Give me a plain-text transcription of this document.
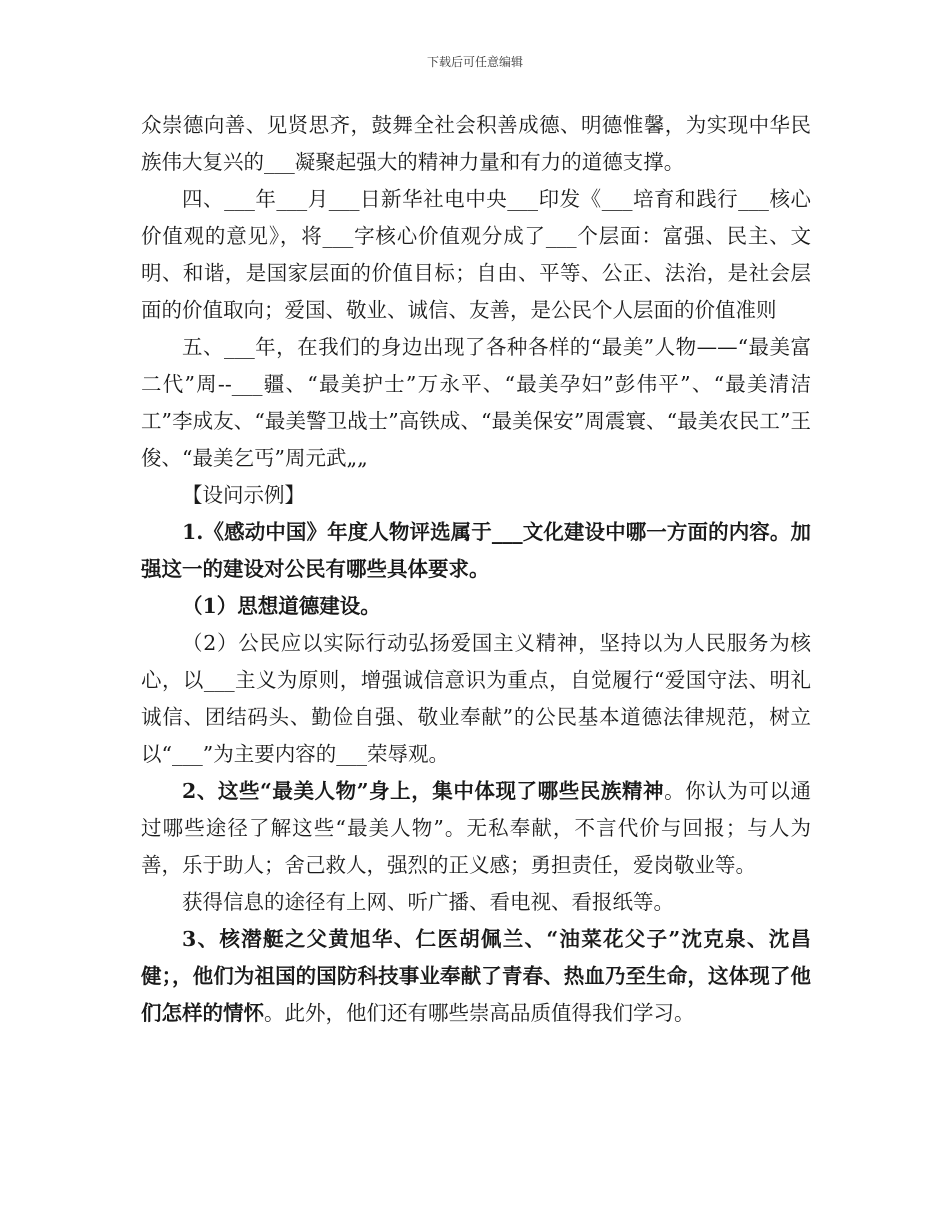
下载后可任意编辑

众崇德向善、见贤思齐，鼓舞全社会积善成德、明德惟馨，为实现中华民族伟大复兴的___凝聚起强大的精神力量和有力的道德支撑。

四、___年___月___日新华社电中央___印发《___培育和践行___核心价值观的意见》，将___字核心价值观分成了___个层面：富强、民主、文明、和谐，是国家层面的价值目标；自由、平等、公正、法治，是社会层面的价值取向；爱国、敬业、诚信、友善，是公民个人层面的价值准则

五、___年，在我们的身边出现了各种各样的“最美”人物——“最美富二代”周--___疆、“最美护士”万永平、“最美孕妇”彭伟平”、“最美清洁工”李成友、“最美警卫战士”高铁成、“最美保安”周震寰、“最美农民工”王俊、“最美乞丐”周元武„„

【设问示例】

1.《感动中国》年度人物评选属于___文化建设中哪一方面的内容。加强这一的建设对公民有哪些具体要求。

（1）思想道德建设。

（2）公民应以实际行动弘扬爱国主义精神，坚持以为人民服务为核心，以___主义为原则，增强诚信意识为重点，自觉履行“爱国守法、明礼诚信、团结码头、勤俭自强、敬业奉献”的公民基本道德法律规范，树立以“___”为主要内容的___荣辱观。

2、这些“最美人物”身上，集中体现了哪些民族精神。你认为可以通过哪些途径了解这些“最美人物”。无私奉献，不言代价与回报；与人为善，乐于助人；舍己救人，强烈的正义感；勇担责任，爱岗敬业等。

获得信息的途径有上网、听广播、看电视、看报纸等。

3、核潜艇之父黄旭华、仁医胡佩兰、“油菜花父子”沈克泉、沈昌健；，他们为祖国的国防科技事业奉献了青春、热血乃至生命，这体现了他们怎样的情怀。此外，他们还有哪些崇高品质值得我们学习。
